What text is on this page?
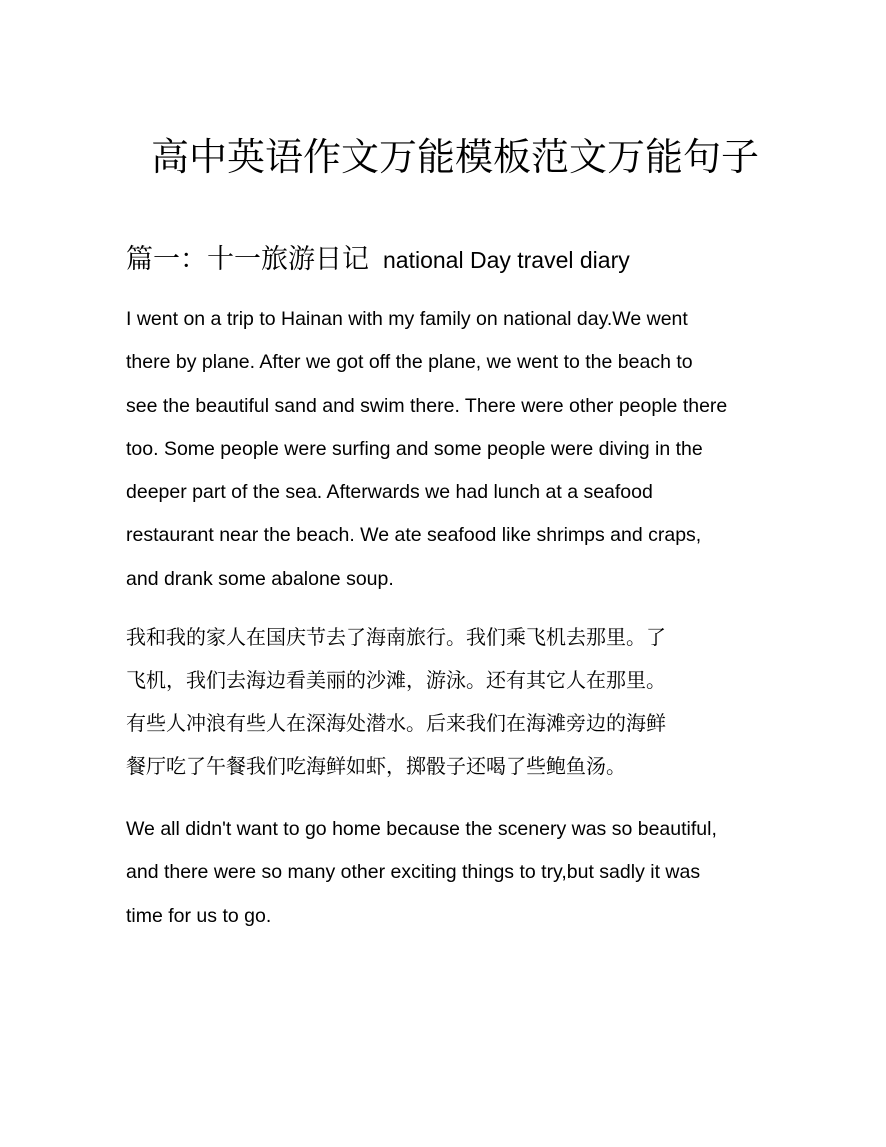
高中英语作文万能模板范文万能句子
篇一：十一旅游日记 national Day travel diary

I went on a trip to Hainan with my family on national day.We went
there by plane. After we got off the plane, we went to the beach to
see the beautiful sand and swim there. There were other people there
too. Some people were surfing and some people were diving in the
deeper part of the sea. Afterwards we had lunch at a seafood
restaurant near the beach. We ate seafood like shrimps and craps,
and drank some abalone soup.

我和我的家人在国庆节去了海南旅行。我们乘飞机去那里。了
飞机，我们去海边看美丽的沙滩，游泳。还有其它人在那里。
有些人冲浪有些人在深海处潜水。后来我们在海滩旁边的海鲜
餐厅吃了午餐我们吃海鲜如虾，掷骰子还喝了些鲍鱼汤。

We all didn't want to go home because the scenery was so beautiful,
and there were so many other exciting things to try,but sadly it was
time for us to go.
